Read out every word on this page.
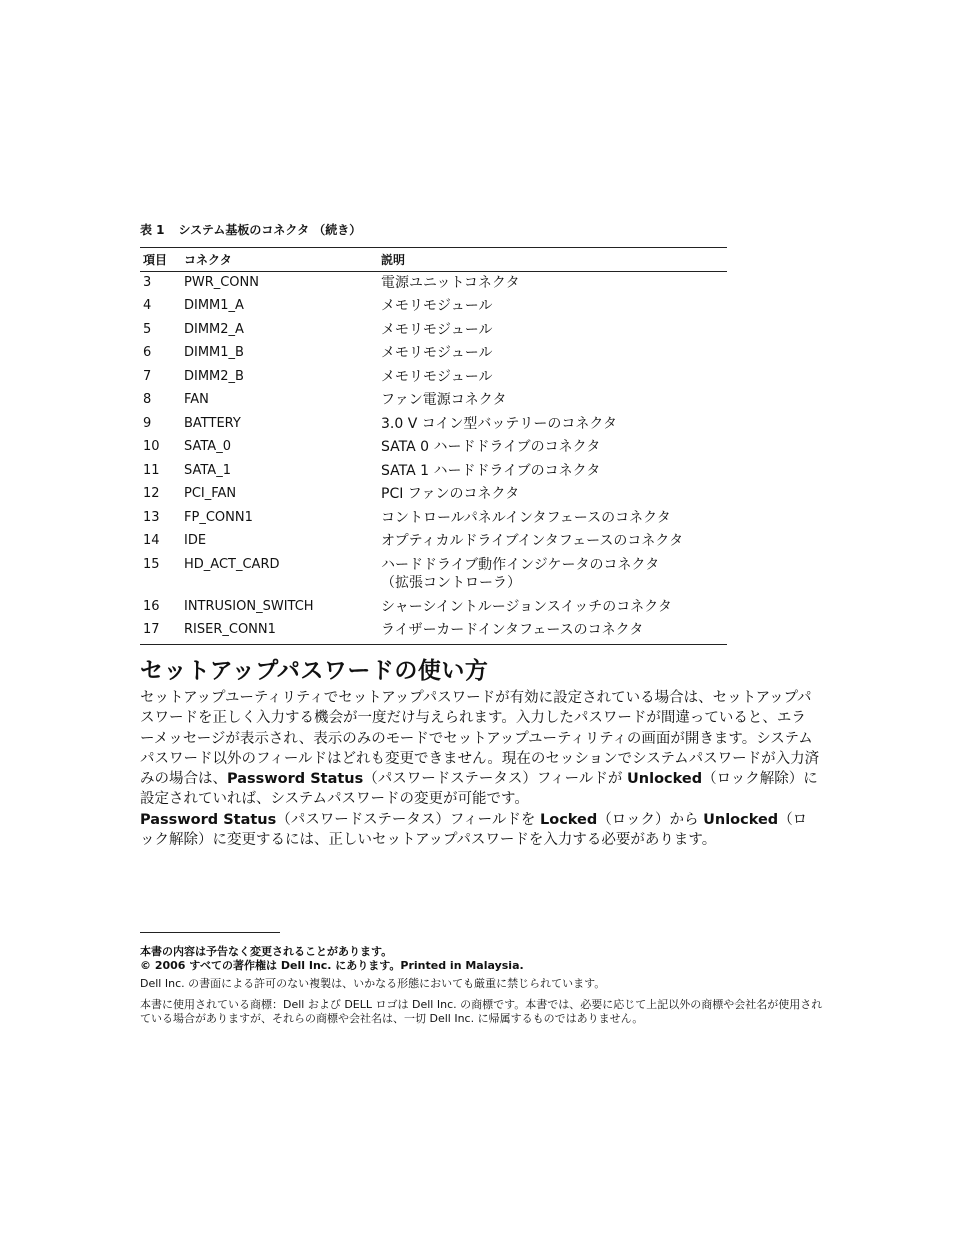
表 1 システム基板のコネクタ （続き）
項目	コネクタ	説明
3	PWR_CONN	電源ユニットコネクタ
4	DIMM1_A	メモリモジュール
5	DIMM2_A	メモリモジュール
6	DIMM1_B	メモリモジュール
7	DIMM2_B	メモリモジュール
8	FAN	ファン電源コネクタ
9	BATTERY	3.0 V コイン型バッテリーのコネクタ
10	SATA_0	SATA 0 ハードドライブのコネクタ
11	SATA_1	SATA 1 ハードドライブのコネクタ
12	PCI_FAN	PCI ファンのコネクタ
13	FP_CONN1	コントロールパネルインタフェースのコネクタ
14	IDE	オプティカルドライブインタフェースのコネクタ
15	HD_ACT_CARD	ハードドライブ動作インジケータのコネクタ
（拡張コントローラ）
16	INTRUSION_SWITCH	シャーシイントルージョンスイッチのコネクタ
17	RISER_CONN1	ライザーカードインタフェースのコネクタ
セットアップパスワードの使い方
セットアップユーティリティでセットアップパスワードが有効に設定されている場合は、セットアップパスワードを正しく入力する機会が一度だけ与えられます。入力したパスワードが間違っていると、エラーメッセージが表示され、表示のみのモードでセットアップユーティリティの画面が開きます。システムパスワード以外のフィールドはどれも変更できません。現在のセッションでシステムパスワードが入力済みの場合は、Password Status（パスワードステータス）フィールドが Unlocked（ロック解除）に設定されていれば、システムパスワードの変更が可能です。
Password Status（パスワードステータス）フィールドを Locked（ロック）から Unlocked（ロック解除）に変更するには、正しいセットアップパスワードを入力する必要があります。
本書の内容は予告なく変更されることがあります。
© 2006 すべての著作権は Dell Inc. にあります。Printed in Malaysia.
Dell Inc. の書面による許可のない複製は、いかなる形態においても厳重に禁じられています。
本書に使用されている商標：Dell および DELL ロゴは Dell Inc. の商標です。本書では、必要に応じて上記以外の商標や会社名が使用されている場合がありますが、それらの商標や会社名は、一切 Dell Inc. に帰属するものではありません。
